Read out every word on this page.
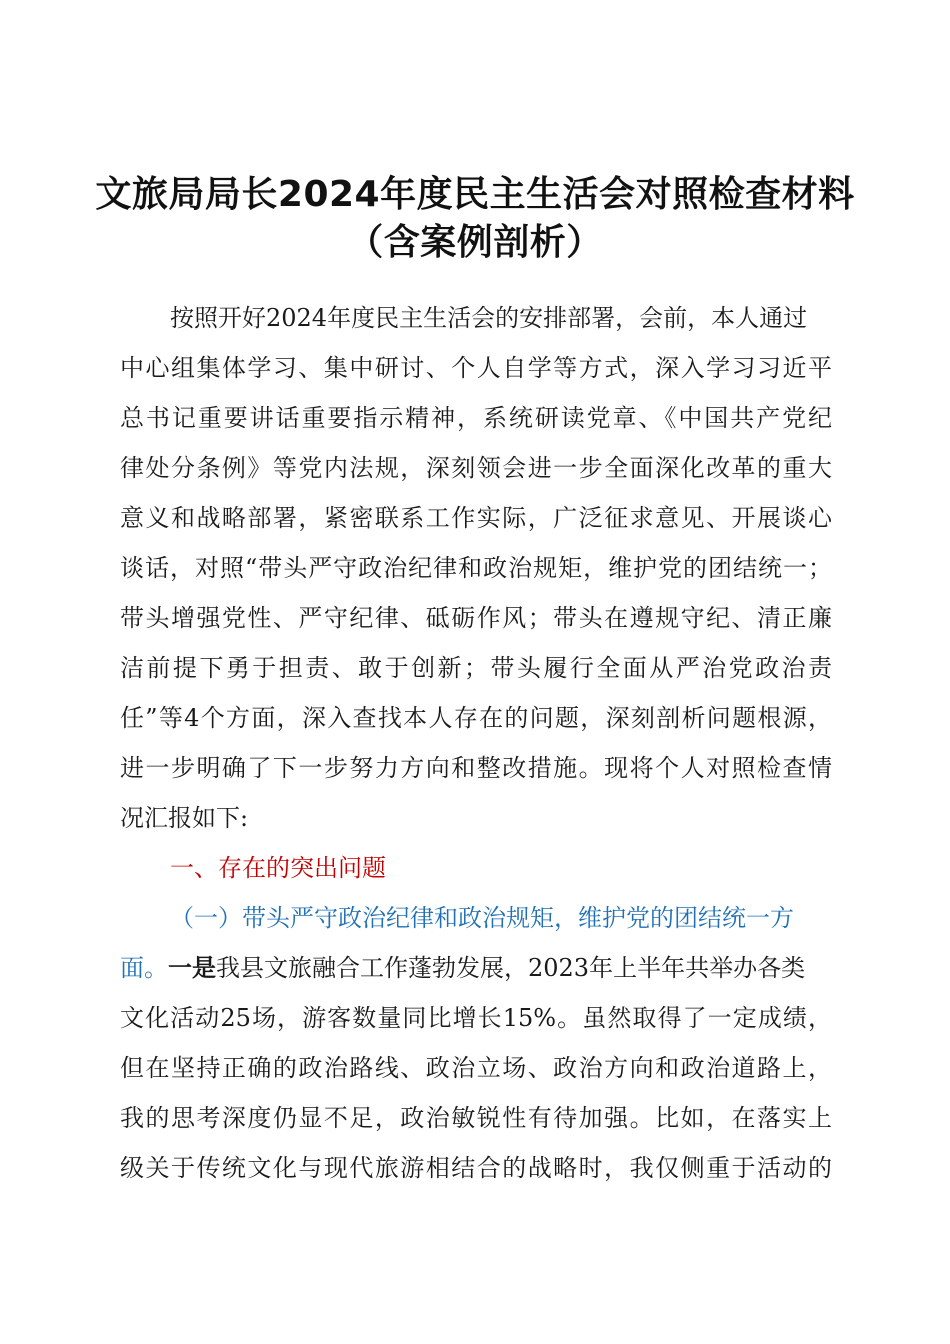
文旅局局长2024年度民主生活会对照检查材料
（含案例剖析）
按照开好2024年度民主生活会的安排部署，会前，本人通过
中心组集体学习、集中研讨、个人自学等方式，深入学习习近平
总书记重要讲话重要指示精神，系统研读党章、《中国共产党纪
律处分条例》等党内法规，深刻领会进一步全面深化改革的重大
意义和战略部署，紧密联系工作实际，广泛征求意见、开展谈心
谈话，对照“带头严守政治纪律和政治规矩，维护党的团结统一；
带头增强党性、严守纪律、砥砺作风；带头在遵规守纪、清正廉
洁前提下勇于担责、敢于创新；带头履行全面从严治党政治责
任”等4个方面，深入查找本人存在的问题，深刻剖析问题根源，
进一步明确了下一步努力方向和整改措施。现将个人对照检查情
况汇报如下:
一、存在的突出问题
（一）带头严守政治纪律和政治规矩，维护党的团结统一方
面。一是我县文旅融合工作蓬勃发展，2023年上半年共举办各类
文化活动25场，游客数量同比增长15%。虽然取得了一定成绩，
但在坚持正确的政治路线、政治立场、政治方向和政治道路上，
我的思考深度仍显不足，政治敏锐性有待加强。比如，在落实上
级关于传统文化与现代旅游相结合的战略时，我仅侧重于活动的
